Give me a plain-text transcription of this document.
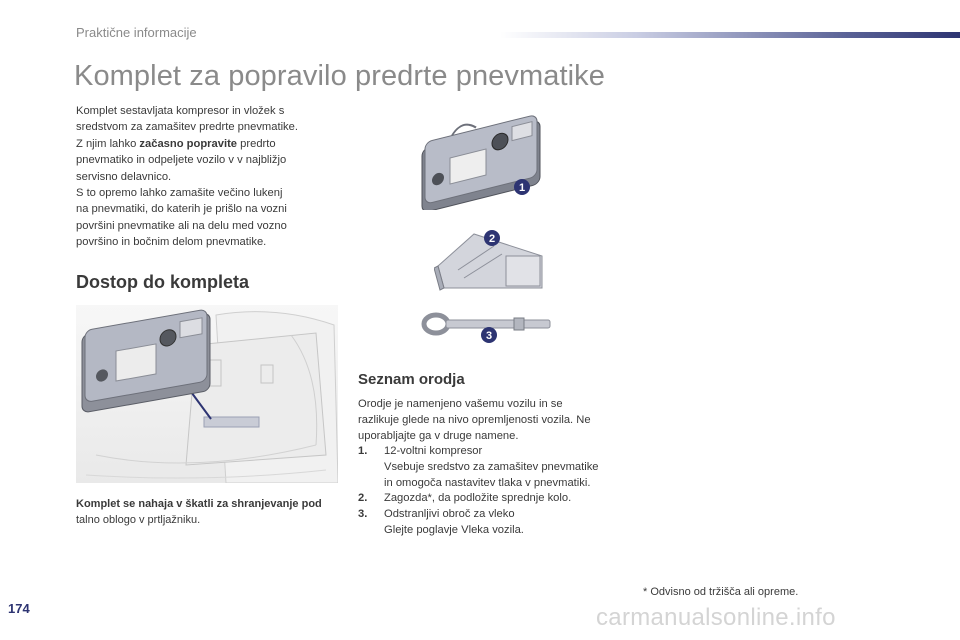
Praktične informacije
Komplet za popravilo predrte pnevmatike

Komplet sestavljata kompresor in vložek s

sredstvom za zamašitev predrte pnevmatike.

Z njim lahko začasno popravite predrto

pnevmatiko in odpeljete vozilo v v najbližjo

servisno delavnico.

S to opremo lahko zamašite večino lukenj

na pnevmatiki, do katerih je prišlo na vozni

površini pnevmatike ali na delu med vozno

površino in bočnim delom pnevmatike.

Dostop do kompleta
Komplet se nahaja v škatli za shranjevanje pod
talno oblogo v prtljažniku.
1
2
3
Seznam orodja
Orodje je namenjeno vašemu vozilu in se
razlikuje glede na nivo opremljenosti vozila. Ne
uporabljajte ga v druge namene.
1.	12-voltni kompresor
Vsebuje sredstvo za zamašitev pnevmatike
in omogoča nastavitev tlaka v pnevmatiki.
2.	Zagozda*, da podložite sprednje kolo.
3.	Odstranljivi obroč za vleko
Glejte poglavje Vleka vozila.
* Odvisno od tržišča ali opreme.
174	carmanualsonline.info
